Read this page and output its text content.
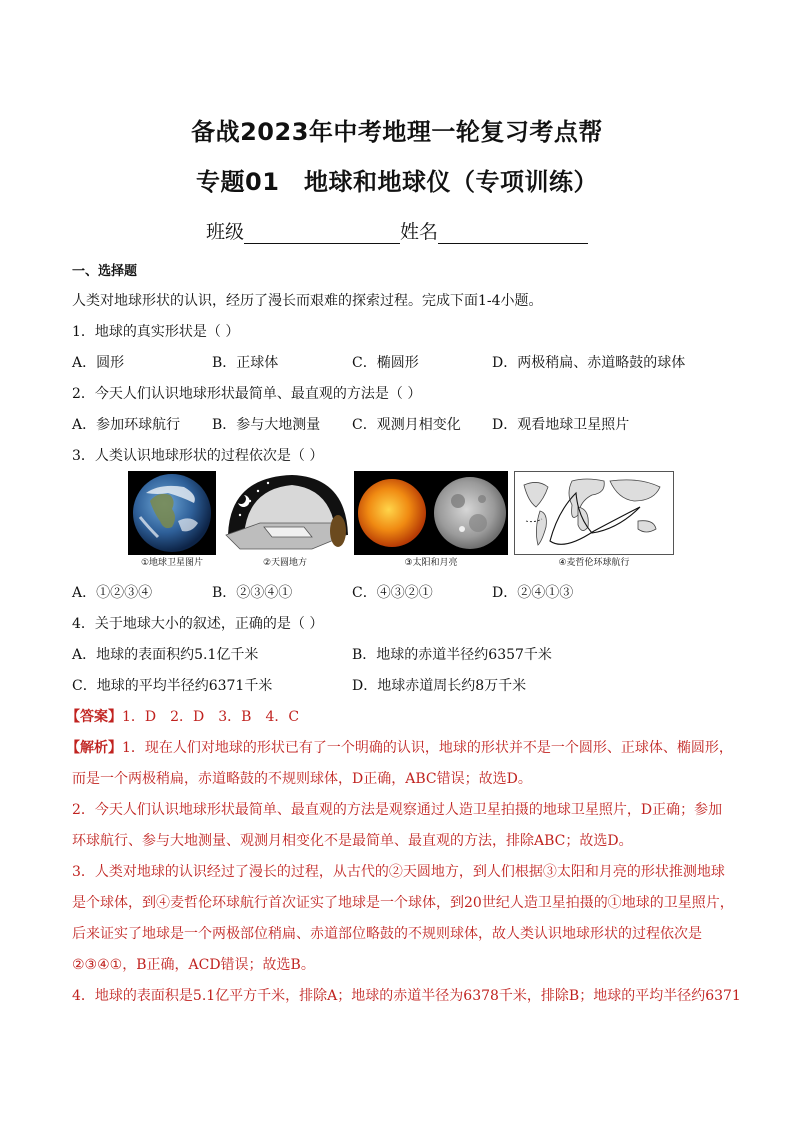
备战2023年中考地理一轮复习考点帮
专题01　地球和地球仪（专项训练）
班级	姓名
一、选择题
人类对地球形状的认识，经历了漫长而艰难的探索过程。完成下面1-4小题。
1．地球的真实形状是（ ）
A．圆形	B．正球体	C．椭圆形	D．两极稍扁、赤道略鼓的球体
2．今天人们认识地球形状最简单、最直观的方法是（ ）
A．参加环球航行 B．参与大地测量 C．观测月相变化 D．观看地球卫星照片
3．人类认识地球形状的过程依次是（ ）
①地球卫星图片	②天圆地方	③太阳和月亮	④麦哲伦环球航行
A．①②③④	B．②③④①	C．④③②①	D．②④①③
4．关于地球大小的叙述，正确的是（ ）
A．地球的表面积约5.1亿千米	B．地球的赤道半径约6357千米
C．地球的平均半径约6371千米	D．地球赤道周长约8万千米
【答案】1．D　2．D　3．B　4．C
【解析】1．现在人们对地球的形状已有了一个明确的认识，地球的形状并不是一个圆形、正球体、椭圆形，
而是一个两极稍扁，赤道略鼓的不规则球体，D正确，ABC错误；故选D。
2．今天人们认识地球形状最简单、最直观的方法是观察通过人造卫星拍摄的地球卫星照片，D正确；参加
环球航行、参与大地测量、观测月相变化不是最简单、最直观的方法，排除ABC；故选D。
3．人类对地球的认识经过了漫长的过程，从古代的②天圆地方，到人们根据③太阳和月亮的形状推测地球
是个球体，到④麦哲伦环球航行首次证实了地球是一个球体，到20世纪人造卫星拍摄的①地球的卫星照片，
后来证实了地球是一个两极部位稍扁、赤道部位略鼓的不规则球体，故人类认识地球形状的过程依次是
②③④①，B正确，ACD错误；故选B。
4．地球的表面积是5.1亿平方千米，排除A；地球的赤道半径为6378千米，排除B；地球的平均半径约6371
